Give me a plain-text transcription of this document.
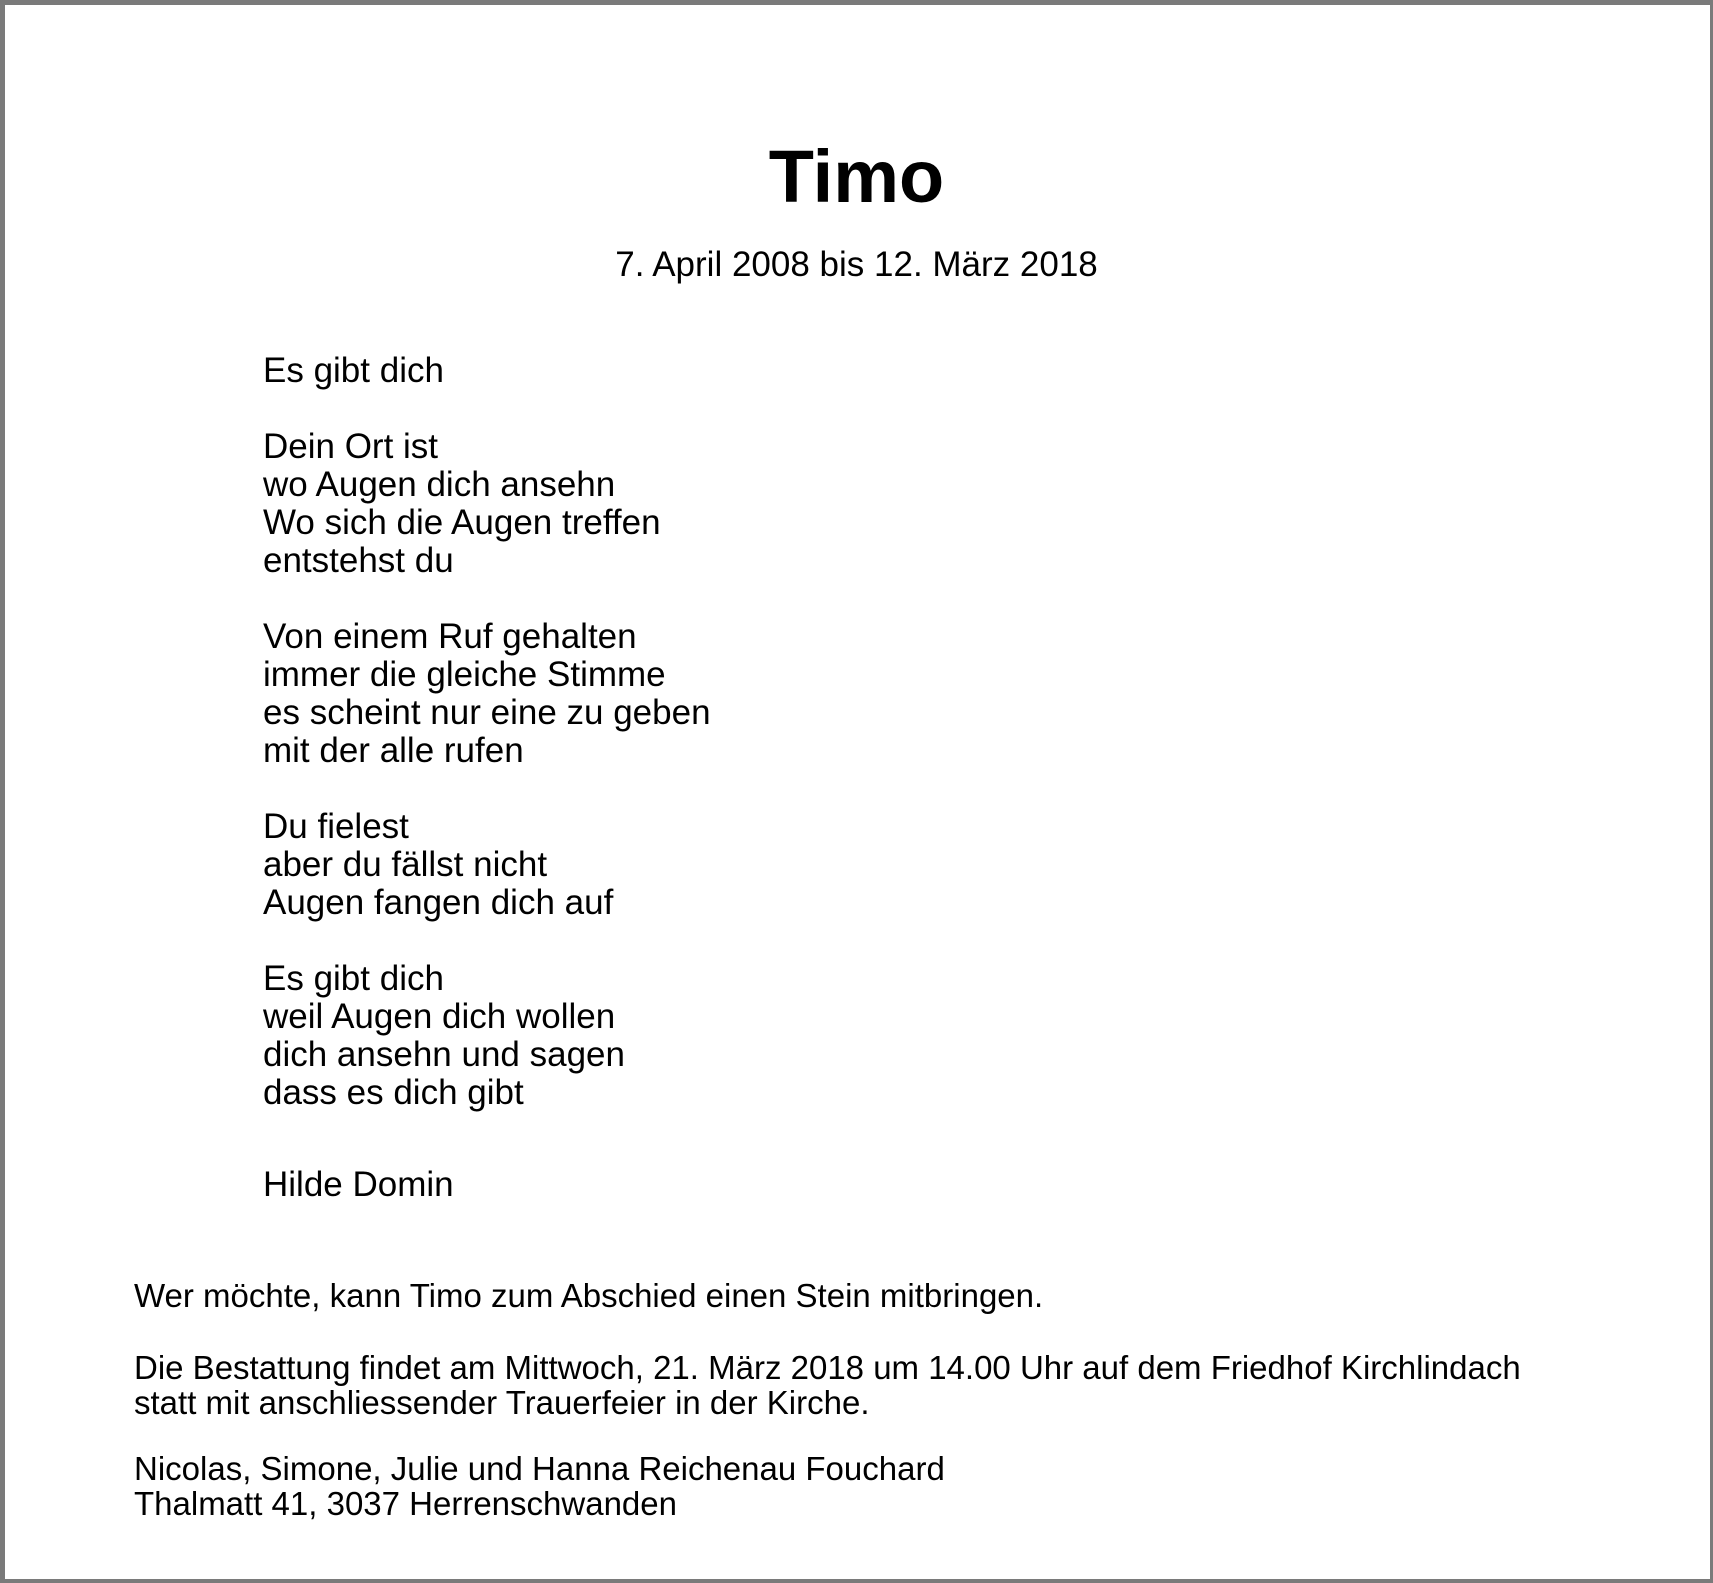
Timo

7. April 2008 bis 12. März 2018

Es gibt dich

Dein Ort ist
wo Augen dich ansehn
Wo sich die Augen treffen
entstehst du

Von einem Ruf gehalten
immer die gleiche Stimme
es scheint nur eine zu geben
mit der alle rufen

Du fielest
aber du fällst nicht
Augen fangen dich auf

Es gibt dich
weil Augen dich wollen
dich ansehn und sagen
dass es dich gibt

Hilde Domin

Wer möchte, kann Timo zum Abschied einen Stein mitbringen.

Die Bestattung findet am Mittwoch, 21. März 2018 um 14.00 Uhr auf dem Friedhof Kirchlindach
statt mit anschliessender Trauerfeier in der Kirche.

Nicolas, Simone, Julie und Hanna Reichenau Fouchard
Thalmatt 41, 3037 Herrenschwanden
